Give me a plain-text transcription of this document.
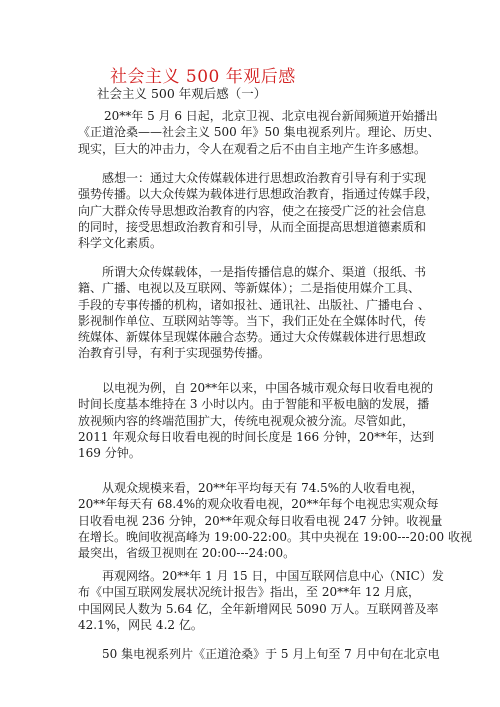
社会主义 500 年观后感
社会主义 500 年观后感（一）
20**年 5 月 6 日起，北京卫视、北京电视台新闻频道开始播出
《正道沧桑——社会主义 500 年》50 集电视系列片。理论、历史、
现实，巨大的冲击力，令人在观看之后不由自主地产生许多感想。
感想一：通过大众传媒载体进行思想政治教育引导有利于实现
强势传播。以大众传媒为载体进行思想政治教育，指通过传媒手段，
向广大群众传导思想政治教育的内容，使之在接受广泛的社会信息
的同时，接受思想政治教育和引导，从而全面提高思想道德素质和
科学文化素质。
所谓大众传媒载体，一是指传播信息的媒介、渠道（报纸、书
籍、广播、电视以及互联网、等新媒体）；二是指使用媒介工具、
手段的专事传播的机构，诸如报社、通讯社、出版社、广播电台 、
影视制作单位、互联网站等等。当下，我们正处在全媒体时代，传
统媒体、新媒体呈现媒体融合态势。通过大众传媒载体进行思想政
治教育引导，有利于实现强势传播。
以电视为例，自 20**年以来，中国各城市观众每日收看电视的
时间长度基本维持在 3 小时以内。由于智能和平板电脑的发展，播
放视频内容的终端范围扩大，传统电视观众被分流。尽管如此，
2011 年观众每日收看电视的时间长度是 166 分钟，20**年，达到
169 分钟。
从观众规模来看，20**年平均每天有 74.5%的人收看电视，
20**年每天有 68.4%的观众收看电视，20**年每个电视忠实观众每
日收看电视 236 分钟，20**年观众每日收看电视 247 分钟。收视量
在增长。晚间收视高峰为 19:00-22:00。其中央视在 19:00---20:00 收视
最突出，省级卫视则在 20:00---24:00。
再观网络。20**年 1 月 15 日，中国互联网信息中心（NIC）发
布《中国互联网发展状况统计报告》指出，至 20**年 12 月底，
中国网民人数为 5.64 亿，全年新增网民 5090 万人。互联网普及率
42.1%，网民 4.2 亿。
50 集电视系列片《正道沧桑》于 5 月上旬至 7 月中旬在北京电
